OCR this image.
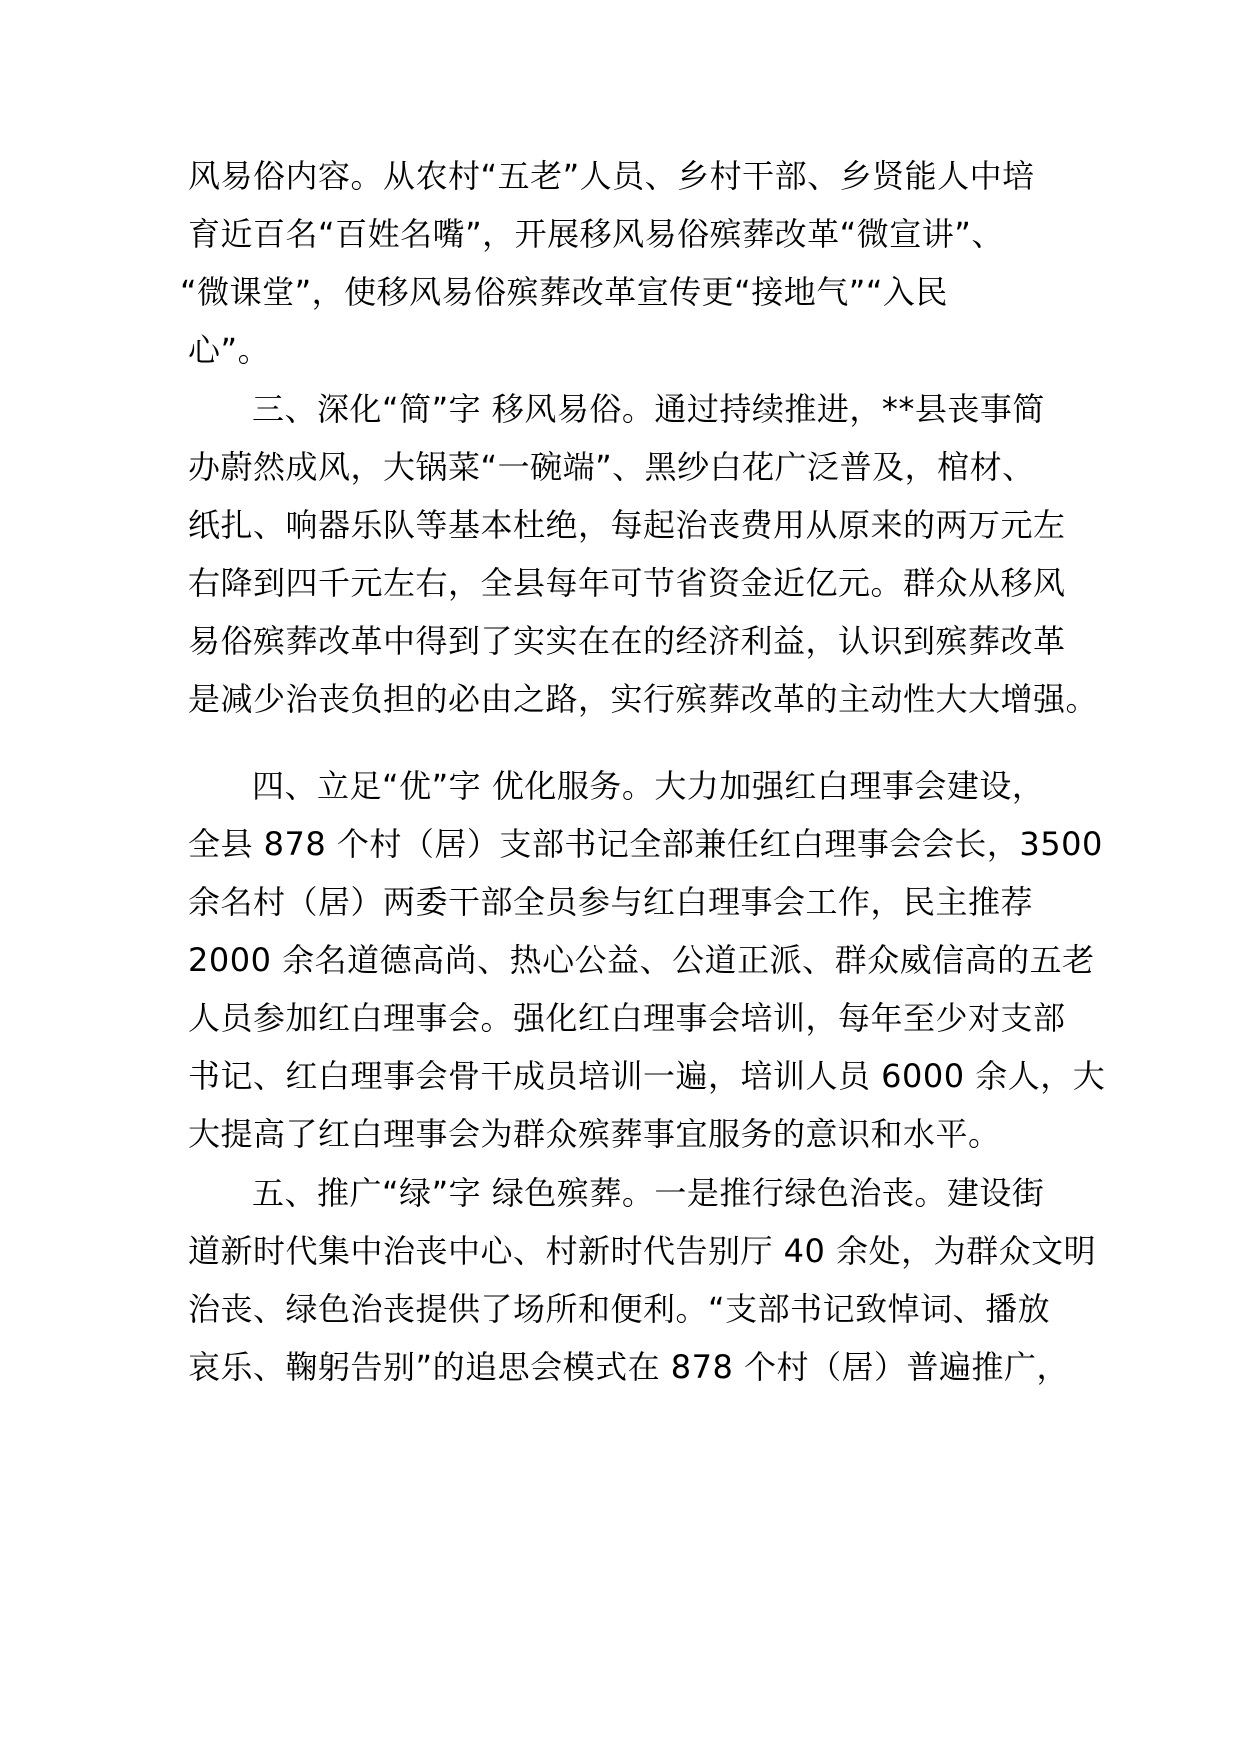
风易俗内容。从农村“五老”人员、乡村干部、乡贤能人中培
育近百名“百姓名嘴”，开展移风易俗殡葬改革“微宣讲”、
“微课堂”，使移风易俗殡葬改革宣传更“接地气”“入民
心”。
三、深化“简”字 移风易俗。通过持续推进，**县丧事简
办蔚然成风，大锅菜“一碗端”、黑纱白花广泛普及，棺材、
纸扎、响器乐队等基本杜绝，每起治丧费用从原来的两万元左
右降到四千元左右，全县每年可节省资金近亿元。群众从移风
易俗殡葬改革中得到了实实在在的经济利益，认识到殡葬改革
是减少治丧负担的必由之路，实行殡葬改革的主动性大大增强。
四、立足“优”字 优化服务。大力加强红白理事会建设，
全县 878 个村（居）支部书记全部兼任红白理事会会长，3500
余名村（居）两委干部全员参与红白理事会工作，民主推荐
2000 余名道德高尚、热心公益、公道正派、群众威信高的五老
人员参加红白理事会。强化红白理事会培训，每年至少对支部
书记、红白理事会骨干成员培训一遍，培训人员 6000 余人，大
大提高了红白理事会为群众殡葬事宜服务的意识和水平。
五、推广“绿”字 绿色殡葬。一是推行绿色治丧。建设街
道新时代集中治丧中心、村新时代告别厅 40 余处，为群众文明
治丧、绿色治丧提供了场所和便利。“支部书记致悼词、播放
哀乐、鞠躬告别”的追思会模式在 878 个村（居）普遍推广，
